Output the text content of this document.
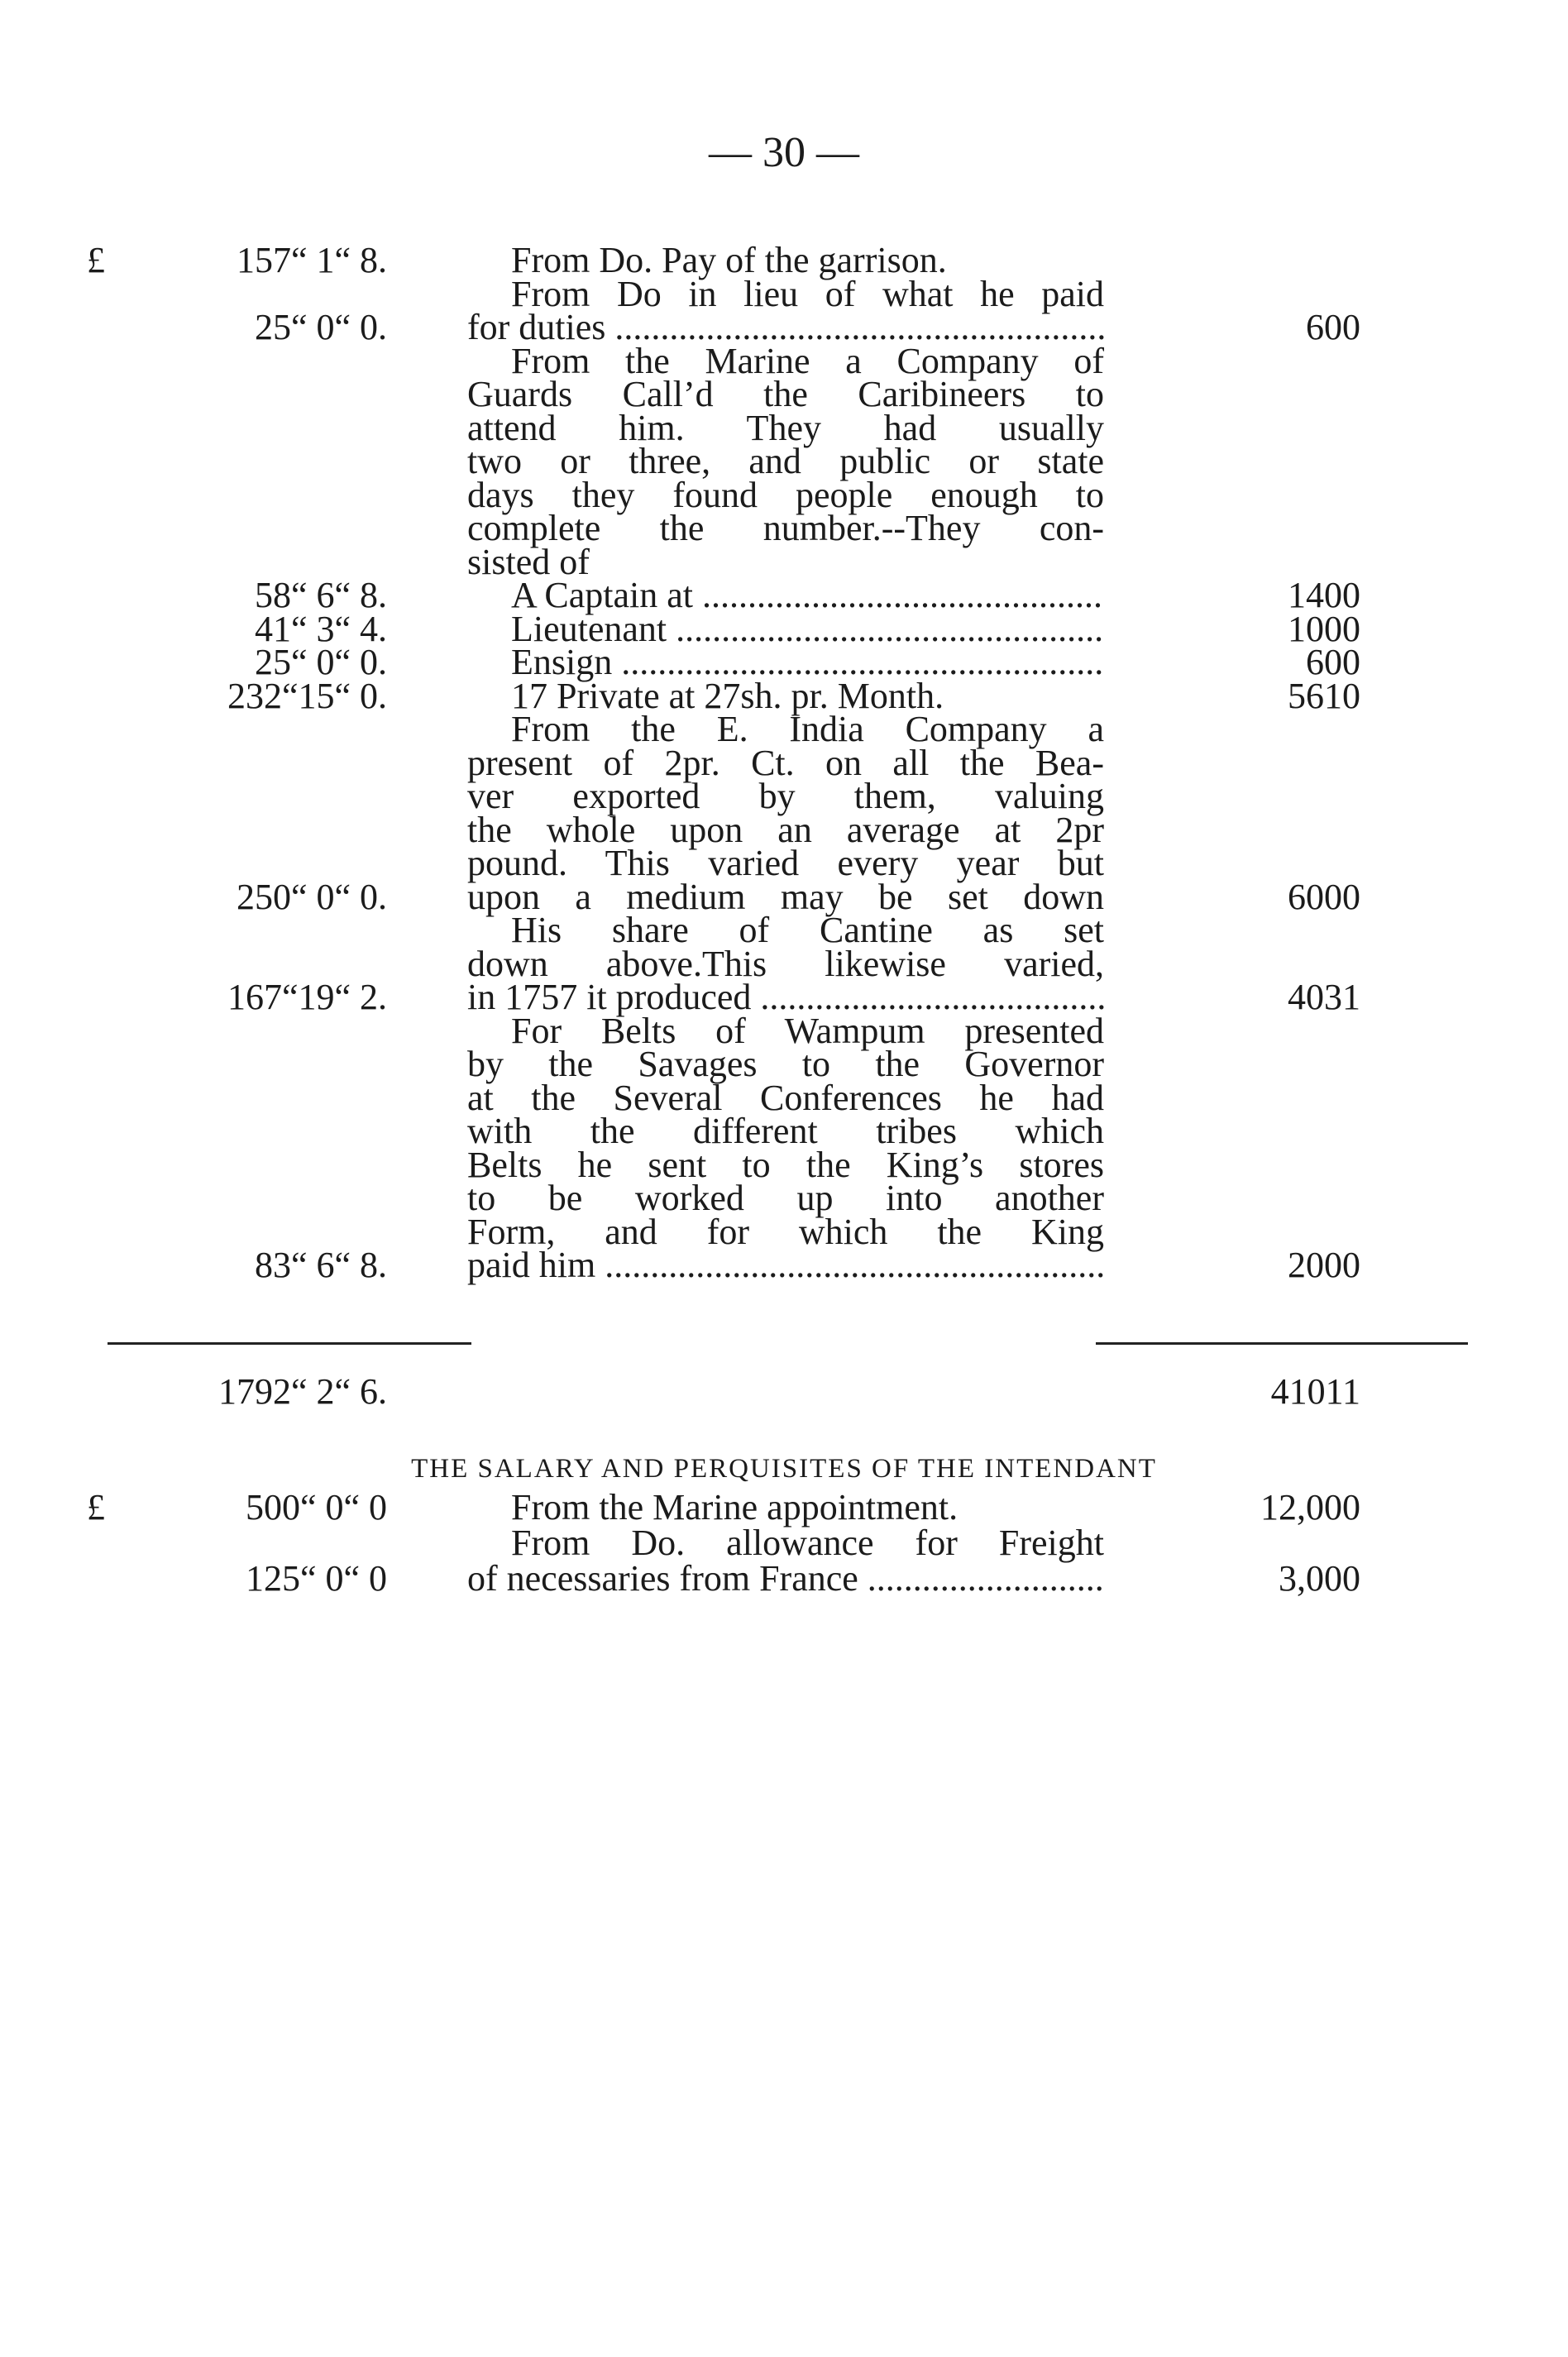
— 30 —
£	157“ 1“ 8.	From Do. Pay of the garrison.
From Do in lieu of what he paid
25“ 0“ 0. for duties .....	600
From the Marine a Company of
Guards Call’d the Caribineers to
attend him. They had usually
two or three, and public or state
days they found people enough to
complete the number.--They con-
sisted of
58“ 6“ 8.	A Captain at .....	1400
41“ 3“ 4.	Lieutenant .....	1000
25“ 0“ 0.	Ensign .....	600
232“15“ 0.	17 Private at 27sh. pr. Month.	5610
From the E. India Company a
present of 2pr. Ct. on all the Bea-
ver exported by them, valuing
the whole upon an average at 2pr
pound. This varied every year but
250“ 0“ 0. upon a medium may be set down	6000
His share of Cantine as set
down above.This likewise varied,
167“19“ 2. in 1757 it produced .....	4031
For Belts of Wampum presented
by the Savages to the Governor
at the Several Conferences he had
with the different tribes which
Belts he sent to the King’s stores
to be worked up into another
Form, and for which the King
83“ 6“ 8. paid him .....	2000
1792“ 2“ 6.	41011
THE SALARY AND PERQUISITES OF THE INTENDANT
£	500“ 0“ 0	From the Marine appointment.	12,000
From Do. allowance for Freight
125“ 0“ 0 of necessaries from France .....	3,000
